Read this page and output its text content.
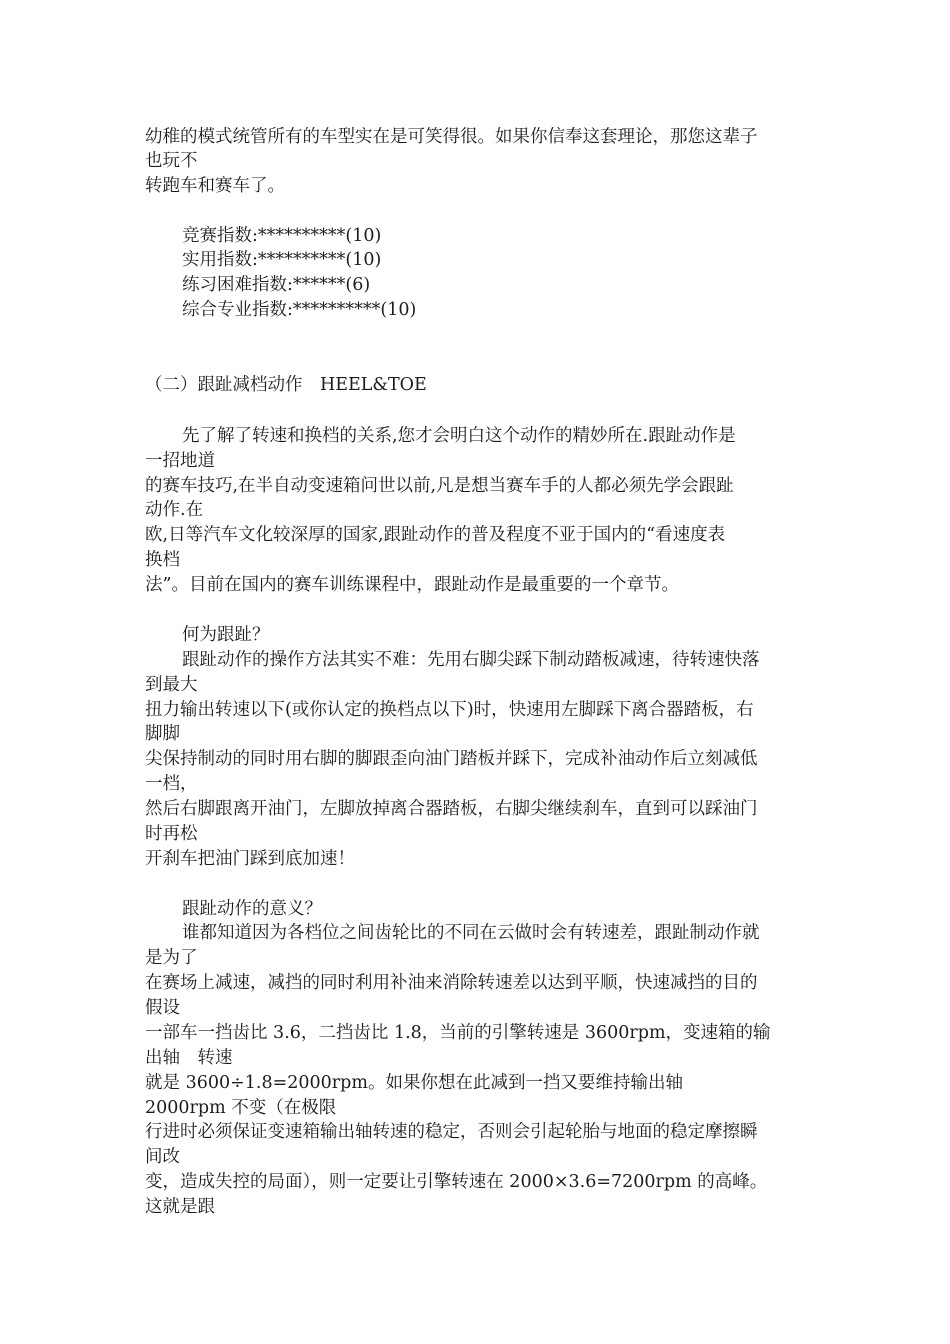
幼稚的模式统管所有的车型实在是可笑得很。如果你信奉这套理论，那您这辈子
也玩不
转跑车和赛车了。
竞赛指数:**********(10)
实用指数:**********(10)
练习困难指数:******(6)
综合专业指数:**********(10)
（二）跟趾减档动作　HEEL&TOE
先了解了转速和换档的关系,您才会明白这个动作的精妙所在.跟趾动作是
一招地道
的赛车技巧,在半自动变速箱问世以前,凡是想当赛车手的人都必须先学会跟趾
动作.在
欧,日等汽车文化较深厚的国家,跟趾动作的普及程度不亚于国内的“看速度表
换档
法”。目前在国内的赛车训练课程中，跟趾动作是最重要的一个章节。
何为跟趾？
跟趾动作的操作方法其实不难：先用右脚尖踩下制动踏板减速，待转速快落
到最大
扭力输出转速以下(或你认定的换档点以下)时，快速用左脚踩下离合器踏板，右
脚脚
尖保持制动的同时用右脚的脚跟歪向油门踏板并踩下，完成补油动作后立刻减低
一档，
然后右脚跟离开油门，左脚放掉离合器踏板，右脚尖继续刹车，直到可以踩油门
时再松
开刹车把油门踩到底加速！
跟趾动作的意义？
谁都知道因为各档位之间齿轮比的不同在云做时会有转速差，跟趾制动作就
是为了
在赛场上减速，减挡的同时利用补油来消除转速差以达到平顺，快速减挡的目的
假设
一部车一挡齿比 3.6，二挡齿比 1.8，当前的引擎转速是 3600rpm，变速箱的输
出轴　转速
就是 3600÷1.8=2000rpm。如果你想在此减到一挡又要维持输出轴
2000rpm 不变（在极限
行进时必须保证变速箱输出轴转速的稳定，否则会引起轮胎与地面的稳定摩擦瞬
间改
变，造成失控的局面），则一定要让引擎转速在 2000×3.6=7200rpm 的高峰。
这就是跟
